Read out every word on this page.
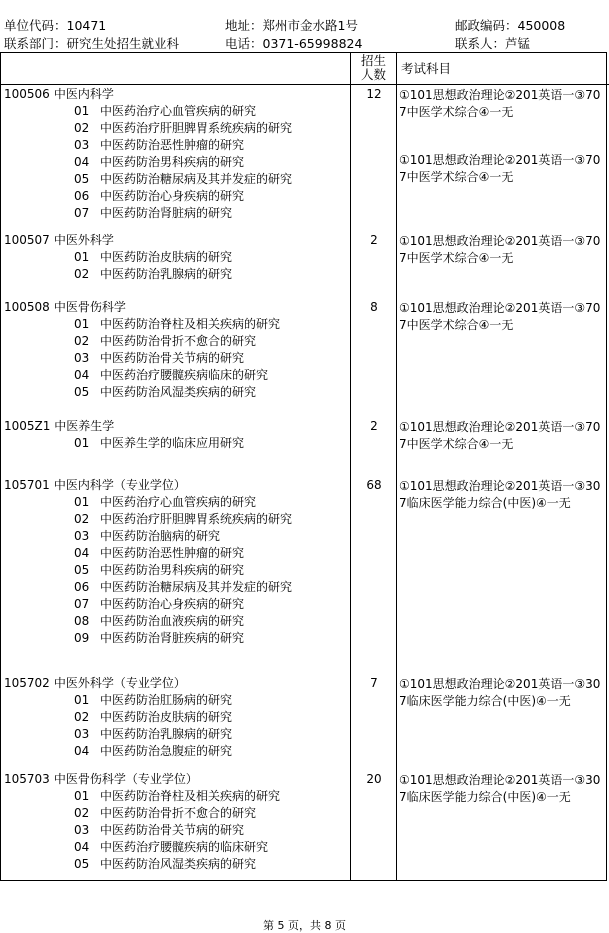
单位代码：10471	地址：郑州市金水路1号	邮政编码：450008
联系部门：研究生处招生就业科	电话：0371-65998824	联系人：芦锰
招生
人数	考试科目
100506 中医内科学	12
01 中医药治疗心血管疾病的研究
02 中医药治疗肝胆脾胃系统疾病的研究
03 中医药防治恶性肿瘤的研究
04 中医药防治男科疾病的研究
05 中医药防治糖尿病及其并发症的研究
06 中医药防治心身疾病的研究
07 中医药防治肾脏病的研究
①101思想政治理论②201英语一③707中医学术综合④一无
①101思想政治理论②201英语一③707中医学术综合④一无
100507 中医外科学	2
01 中医药防治皮肤病的研究
02 中医药防治乳腺病的研究
①101思想政治理论②201英语一③707中医学术综合④一无
100508 中医骨伤科学	8
01 中医药防治脊柱及相关疾病的研究
02 中医药防治骨折不愈合的研究
03 中医药防治骨关节病的研究
04 中医药治疗腰髋疾病临床的研究
05 中医药防治风湿类疾病的研究
①101思想政治理论②201英语一③707中医学术综合④一无
1005Z1 中医养生学	2
01 中医养生学的临床应用研究
①101思想政治理论②201英语一③707中医学术综合④一无
105701 中医内科学（专业学位）	68
01 中医药治疗心血管疾病的研究
02 中医药治疗肝胆脾胃系统疾病的研究
03 中医药防治脑病的研究
04 中医药防治恶性肿瘤的研究
05 中医药防治男科疾病的研究
06 中医药防治糖尿病及其并发症的研究
07 中医药防治心身疾病的研究
08 中医药防治血液疾病的研究
09 中医药防治肾脏疾病的研究
①101思想政治理论②201英语一③307临床医学能力综合(中医)④一无
105702 中医外科学（专业学位）	7
01 中医药防治肛肠病的研究
02 中医药防治皮肤病的研究
03 中医药防治乳腺病的研究
04 中医药防治急腹症的研究
①101思想政治理论②201英语一③307临床医学能力综合(中医)④一无
105703 中医骨伤科学（专业学位）	20
01 中医药防治脊柱及相关疾病的研究
02 中医药防治骨折不愈合的研究
03 中医药防治骨关节病的研究
04 中医药治疗腰髋疾病的临床研究
05 中医药防治风湿类疾病的研究
①101思想政治理论②201英语一③307临床医学能力综合(中医)④一无
第 5 页，共 8 页
